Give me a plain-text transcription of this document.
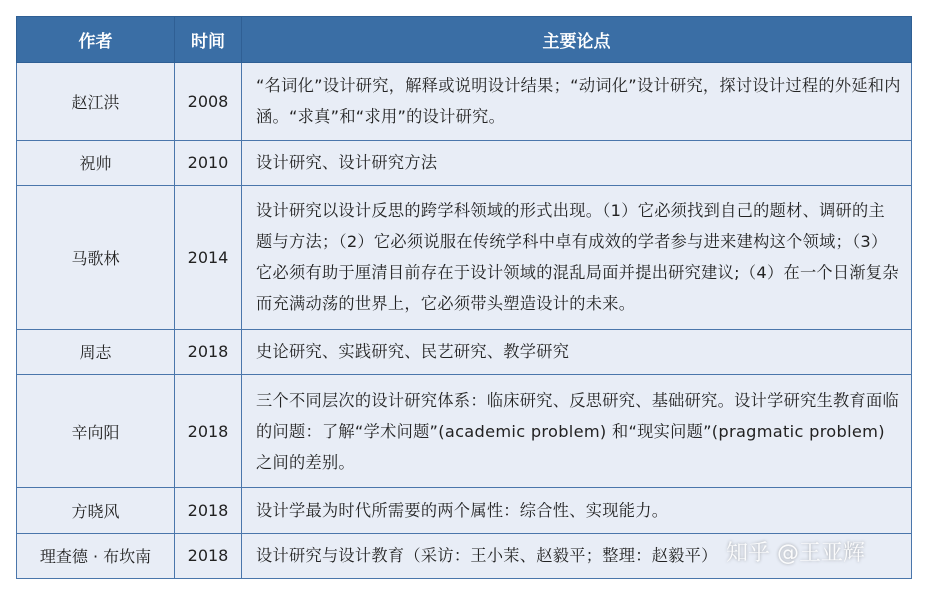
作者	时间	主要论点
赵江洪	2008	“名词化”设计研究，解释或说明设计结果；“动词化”设计研究，探讨设计过程的外延和内涵。“求真”和“求用”的设计研究。
祝帅	2010	设计研究、设计研究方法
马歌林	2014	设计研究以设计反思的跨学科领域的形式出现。（1）它必须找到自己的题材、调研的主题与方法；（2）它必须说服在传统学科中卓有成效的学者参与进来建构这个领域；（3）它必须有助于厘清目前存在于设计领域的混乱局面并提出研究建议;（4）在一个日渐复杂而充满动荡的世界上，它必须带头塑造设计的未来。
周志	2018	史论研究、实践研究、民艺研究、教学研究
辛向阳	2018	三个不同层次的设计研究体系：临床研究、反思研究、基础研究。设计学研究生教育面临的问题：了解“学术问题”(academic problem) 和“现实问题”(pragmatic problem) 之间的差别。
方晓风	2018	设计学最为时代所需要的两个属性：综合性、实现能力。
理查德 · 布坎南	2018	设计研究与设计教育（采访：王小茉、赵毅平；整理：赵毅平） 知乎 @王亚辉
